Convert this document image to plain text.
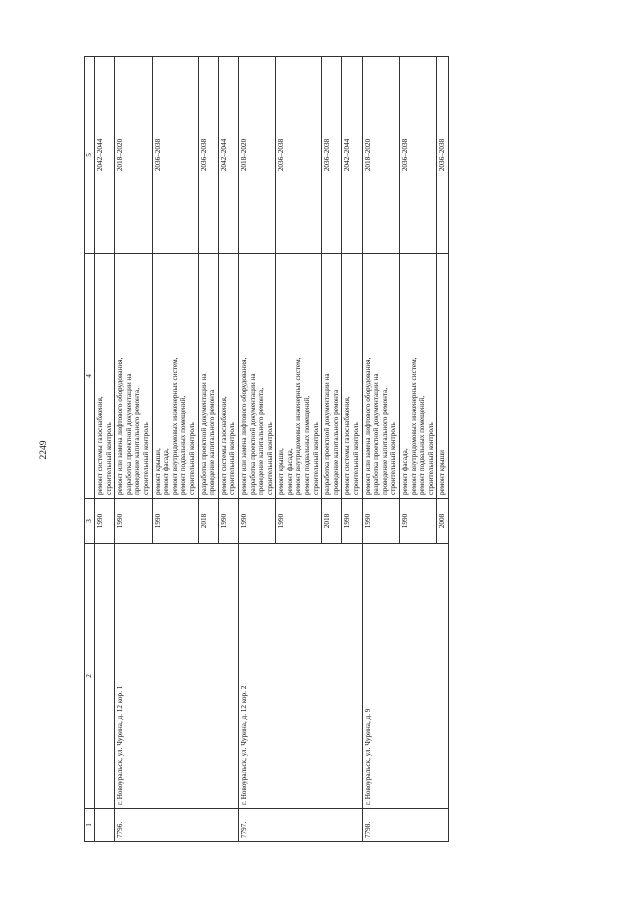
2249
1	2	3	4	5
		1990	ремонт системы газоснабжения, строительный контроль	2042–2044
7796.	г. Новоуральск, ул. Чурина, д. 12 кор. 1	1990	ремонт или замена лифтового оборудования, разработка проектной документации на проведение капитального ремонта, строительный контроль	2018–2020
		1990	ремонт крыши, ремонт фасада, ремонт внутридомовых инженерных систем, ремонт подвальных помещений, строительный контроль	2036–2038
		2018	разработка проектной документации на проведение капитального ремонта	2036–2038
		1990	ремонт системы газоснабжения, строительный контроль	2042–2044
7797.	г. Новоуральск, ул. Чурина, д. 12 кор. 2	1990	ремонт или замена лифтового оборудования, разработка проектной документации на проведение капитального ремонта, строительный контроль	2018–2020
		1990	ремонт крыши, ремонт фасада, ремонт внутридомовых инженерных систем, ремонт подвальных помещений, строительный контроль	2036–2038
		2018	разработка проектной документации на проведение капитального ремонта	2036–2038
		1990	ремонт системы газоснабжения, строительный контроль	2042–2044
7798.	г. Новоуральск, ул. Чурина, д. 9	1990	ремонт или замена лифтового оборудования, разработка проектной документации на проведение капитального ремонта, строительный контроль	2018–2020
		1990	ремонт фасада, ремонт внутридомовых инженерных систем, ремонт подвальных помещений, строительный контроль	2036–2038
		2008	ремонт крыши	2036–2038
